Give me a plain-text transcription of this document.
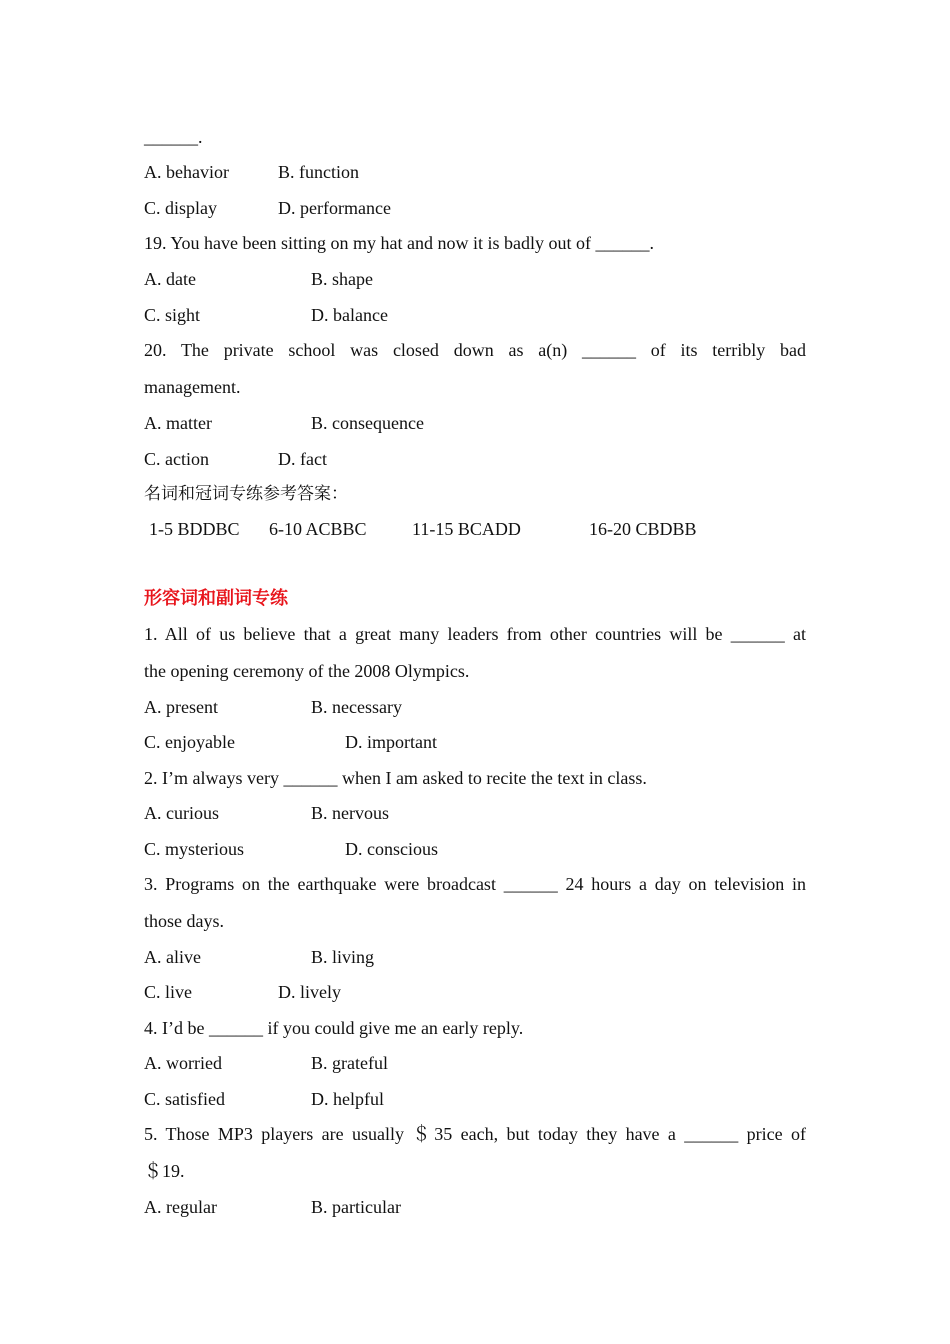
______.
A. behavior	B. function
C. display	D. performance
19. You have been sitting on my hat and now it is badly out of ______.
A. date	B. shape
C. sight	D. balance
20. The private school was closed down as a(n) ______ of its terribly bad
management.
A. matter	B. consequence
C. action	D. fact
名词和冠词专练参考答案：
1-5 BDDBC 6-10 ACBBC	11-15 BCADD	16-20 CBDBB
形容词和副词专练
1. All of us believe that a great many leaders from other countries will be ______ at
the opening ceremony of the 2008 Olympics.
A. present	B. necessary
C. enjoyable	D. important
2. I’m always very ______ when I am asked to recite the text in class.
A. curious	B. nervous
C. mysterious	D. conscious
3. Programs on the earthquake were broadcast ______ 24 hours a day on television in
those days.
A. alive	B. living
C. live	D. lively
4. I’d be ______ if you could give me an early reply.
A. worried	B. grateful
C. satisfied	D. helpful
5. Those MP3 players are usually ＄35 each, but today they have a ______ price of
＄19.
A. regular	B. particular
